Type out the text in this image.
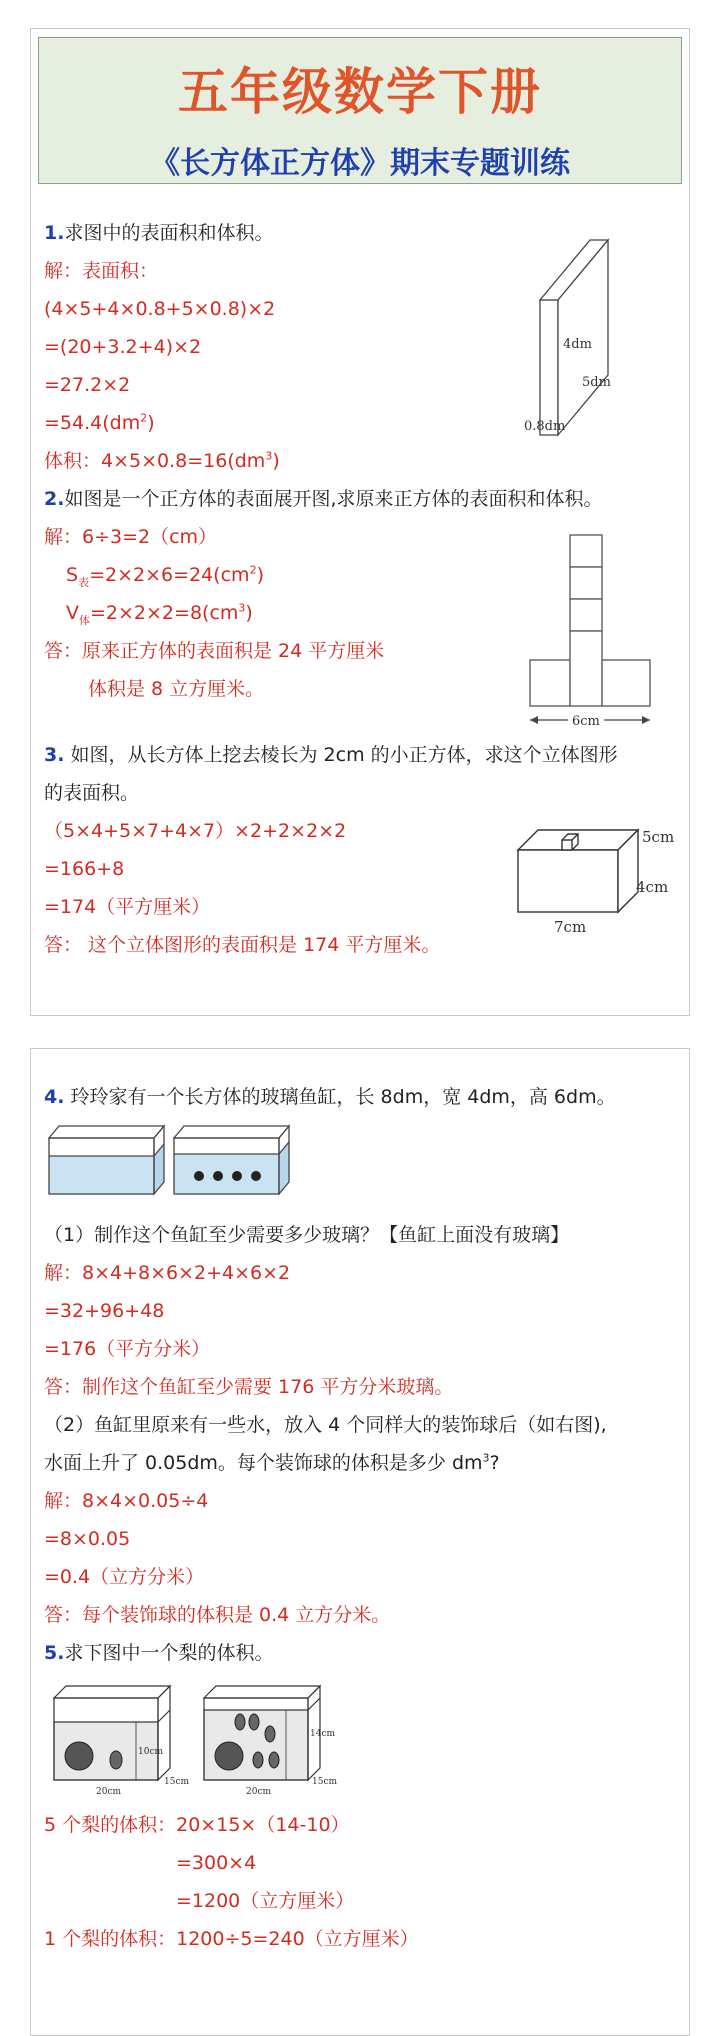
五年级数学下册
《长方体正方体》期末专题训练
1.求图中的表面积和体积。
解：表面积：
(4×5+4×0.8+5×0.8)×2
=(20+3.2+4)×2
=27.2×2
$=54.4(dm^2)$
体积：$4\times 5\times 0.8=16(dm^3)$
4dm
5dm
0.8dm
2.如图是一个正方体的表面展开图,求原来正方体的表面积和体积。
解：6÷3=2（cm）
$S_表=2\times 2\times 6=24(cm^2)$
$V_体=2\times 2\times 2=8(cm^3)$
答：原来正方体的表面积是 24 平方厘米
体积是 8 立方厘米。
6cm
3. 如图，从长方体上挖去棱长为 2cm 的小正方体，求这个立体图形
的表面积。
（5×4+5×7+4×7）×2+2×2×2
=166+8
=174（平方厘米）
答： 这个立体图形的表面积是 174 平方厘米。
5cm
4cm
7cm
4. 玲玲家有一个长方体的玻璃鱼缸，长 8dm，宽 4dm，高 6dm。
（1）制作这个鱼缸至少需要多少玻璃？【鱼缸上面没有玻璃】
解：8×4+8×6×2+4×6×2
=32+96+48
=176（平方分米）
答：制作这个鱼缸至少需要 176 平方分米玻璃。
（2）鱼缸里原来有一些水，放入 4 个同样大的装饰球后（如右图),
水面上升了 0.05dm。每个装饰球的体积是多少 $dm^3$?
解：8×4×0.05÷4
=8×0.05
=0.4（立方分米）
答：每个装饰球的体积是 0.4 立方分米。
5.求下图中一个梨的体积。
10cm
20cm
15cm
14cm
20cm
15cm
5 个梨的体积：20×15×（14-10）
=300×4
=1200（立方厘米）
1 个梨的体积：1200÷5=240（立方厘米）
